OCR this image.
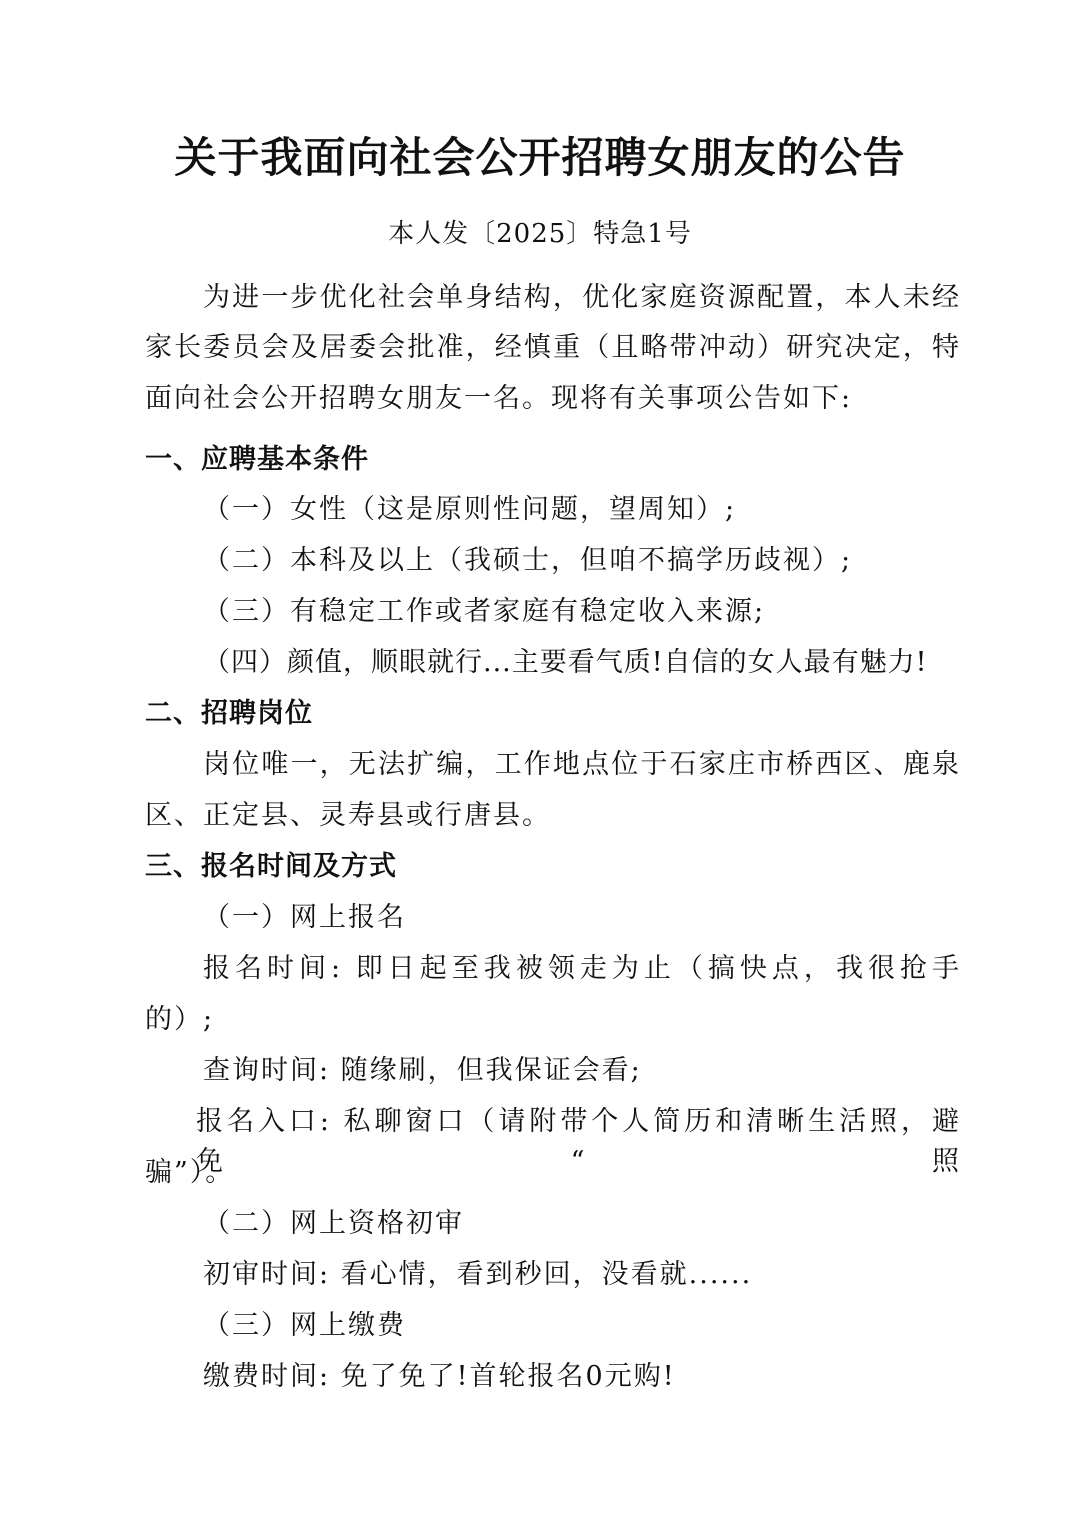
关于我面向社会公开招聘女朋友的公告
本人发〔2025〕特急1号
为进一步优化社会单身结构，优化家庭资源配置，本人未经
家长委员会及居委会批准，经慎重（且略带冲动）研究决定，特
面向社会公开招聘女朋友一名。现将有关事项公告如下:
一、应聘基本条件
（一）女性（这是原则性问题，望周知）;
（二）本科及以上（我硕士，但咱不搞学历歧视）;
（三）有稳定工作或者家庭有稳定收入来源;
（四）颜值，顺眼就行...主要看气质!自信的女人最有魅力!
二、招聘岗位
岗位唯一，无法扩编，工作地点位于石家庄市桥西区、鹿泉
区、正定县、灵寿县或行唐县。
三、报名时间及方式
（一）网上报名
报名时间: 即日起至我被领走为止（搞快点，我很抢手
的）;
查询时间: 随缘刷，但我保证会看;
报名入口: 私聊窗口（请附带个人简历和清晰生活照，避免“照
骗”）。
（二）网上资格初审
初审时间: 看心情，看到秒回，没看就......
（三）网上缴费
缴费时间: 免了免了!首轮报名0元购!
